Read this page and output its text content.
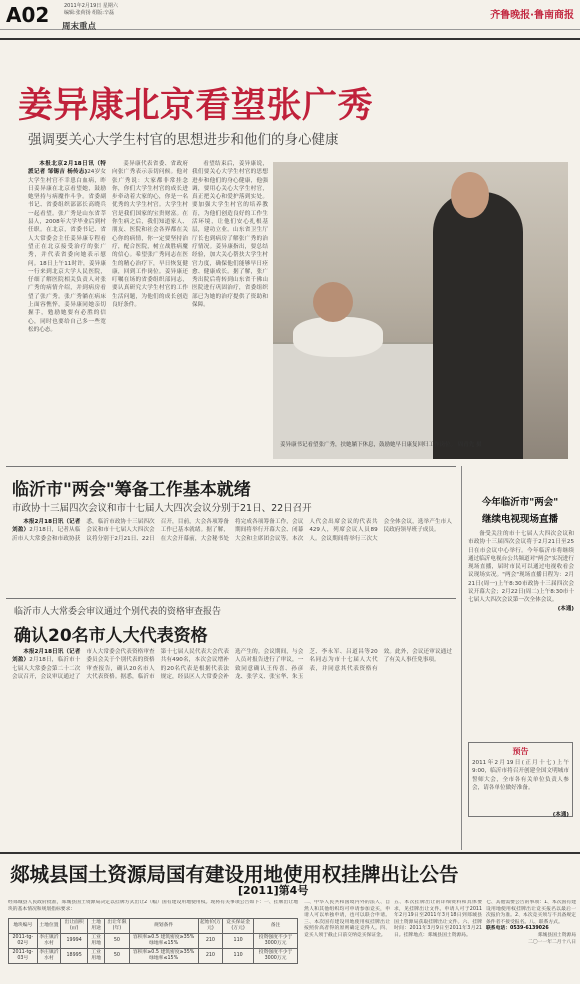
A02	2011年2月19日 星期六
编辑:张荷扬 组版:辛磊
周末重点
齐鲁晚报·鲁南商报
姜异康北京看望张广秀
强调要关心大学生村官的思想进步和他们的身心健康

本报北京2月18日讯（特派记者 邹锡吉 杨传志)24岁女大学生村官不幸患白血病，昨日姜异康在北京看望她，鼓励她坚持与病魔作斗争。省委副书记、省委组织部部长高晓兵一起看望。张广秀是山东省莘县人，2008年大学毕业后到村任职。在北京，省委书记、省人大常委会主任姜异康专程看望正在北京接受治疗的张广秀，并代表省委向她表示慰问。18日上午11时许，姜异康一行来到北京大学人民医院，仔细了解医院相关负责人对张广秀的病情介绍，并到病房看望了张广秀。张广秀躺在病床上面容憔悴，姜异康同她亲切握手，勉励她要有必胜的信心，同时也要给自己多一些宽松的心态。

姜异康代表省委、省政府向张广秀表示亲切问候。他对张广秀说：大家都非常挂念你，你们大学生村官的成长进步牵动着大家的心，你是一名优秀的大学生村官。大学生村官是我们国家的宝贵财富。在你生病之后，我们知道家人、朋友、医院和社会各界都在关心你的病情，你一定要坚持治疗，配合医院，树立战胜病魔的信心。希望张广秀同志在医生的精心治疗下，早日恢复健康，回到工作岗位。姜异康还叮嘱在场的省委组织部同志，要认真研究大学生村官的工作生活问题，为他们的成长创造良好条件。

看望结束后，姜异康说，我们要关心大学生村官的思想进步和他们的身心健康，他强调，要用心关心大学生村官，真正把关心和爱护落到实处。要加强大学生村官的培养教育，为他们创造良好的工作生活环境，让他们安心扎根基层，建功立业。山东省卫生厅厅长也到病房了解张广秀的治疗情况。姜异康指出，要总结经验，加大关心帮扶大学生村官力度，确保他们能够早日痊愈、健康成长。据了解，张广秀出院后将转到山东省千佛山医院进行巩固治疗，省委组织部已为她的治疗提供了资助和保障。

姜异康书记看望张广秀，扶她躺下休息，鼓励她早日康复回归工作岗位。 周青先 摄
临沂市"两会"筹备工作基本就绪
市政协十三届四次会议和市十七届人大四次会议分别于21日、22日召开

本报2月18日讯（记者 刘盈）2月18日，记者从临沂市人大常委会和市政协获悉，临沂市政协十三届四次会议和市十七届人大四次会议将分别于2月21日、22日召开，目前，大会各项筹备工作已基本就绪。据了解，在大会开幕前，大会秘书处将完成各项筹备工作，会议期间将举行开幕大会、闭幕大会和主席团会议等。本次人代会出席会议的代表共429人，列席会议人员89人。会议期间将举行三次大会全体会议，选举产生市人民政府领导班子成员。

临沂市人大常委会审议通过个别代表的资格审查报告
确认20名市人大代表资格

本报2月18日讯（记者 刘盈）2月18日，临沂市十七届人大常委会第二十二次会议召开，会议审议通过了市人大常委会代表资格审查委员会关于个别代表的资格审查报告，确认20名市人大代表资格。据悉，临沂市第十七届人民代表大会代表共有490名，本次会议增补的20名代表是根据代表法规定，经县区人大常委会补选产生的。会议期间，与会人员对报告进行了审议，一致同意确认王传喜、孙彦龙、张学义、张宝华、朱玉芝、李永军、吕道昌等20名同志为市十七届人大代表，并同意其代表资格有效。此外，会议还审议通过了有关人事任免事项。

今年临沂市"两会"
继续电视现场直播

备受关注的市十七届人大四次会议和市政协十三届四次会议将于2月21日至25日在市会议中心举行。今年临沂市将继续通过临沂电视台公共频道对"两会"实况进行现场直播，届时市民可以通过电视收看会议现场实况。"两会"现场直播日程为：2月21日(周一)上午8:30市政协十三届四次会议开幕大会；2月22日(周二)上午8:30市十七届人大四次会议第一次全体会议。

(本通)
预告
2011年2月19日(正月十七)上午9:00，临沂市将召开创建全国文明城市誓师大会，全市各有关单位负责人参会，请各单位做好准备。
(本通)
郯城县国土资源局国有建设用地使用权挂牌出让公告
[2011]第4号
经郯城县人民政府批准，郯城县国土资源局决定以挂牌方式出让2（幅）国有建设用地使用权。现将有关事项公告如下：一、挂牌出让地块的基本情况和规划指标要求：
地块编号	土地位置	出让面积(㎡)	土地用途	出让年限(年)	规划条件	起始价(万元)	竞买保证金(万元)	备注
2011-tg-02号	李庄镇沂水村	19994	工业用地	50	容积率≥0.5 建筑密度≥35% 绿地率≤15%	210	110	投资强度不少于3000万元
2011-tg-03号	李庄镇沂水村	18995	工业用地	50	容积率≥0.5 建筑密度≥35% 绿地率≤15%	210	110	投资强度不少于3000万元
二、中华人民共和国境内外的法人、自然人和其他组织均可申请参加竞买，申请人可以单独申请，也可以联合申请。三、本次国有建设用地使用权挂牌出让按照价高者得的原则确定竞得人。四、竞买人须于截止日前交纳竞买保证金。
五、本次挂牌出让的详细资料和具体要求，见挂牌出让文件。申请人可于2011年2月19日至2011年3月18日到郯城县国土资源局获取挂牌出让文件。六、挂牌时间：2011年3月9日至2011年3月21日。挂牌地点：郯城县国土资源局。
七、其他需要公告的事项：1、本次国有建设用地使用权挂牌出让竞买报名以最后一次报价为准。2、本次竞买须与不具备规定条件者不接受报名。八、联系方式。
联系电话：0539-6139026
郯城县国土资源局
二〇一一年二月十八日
